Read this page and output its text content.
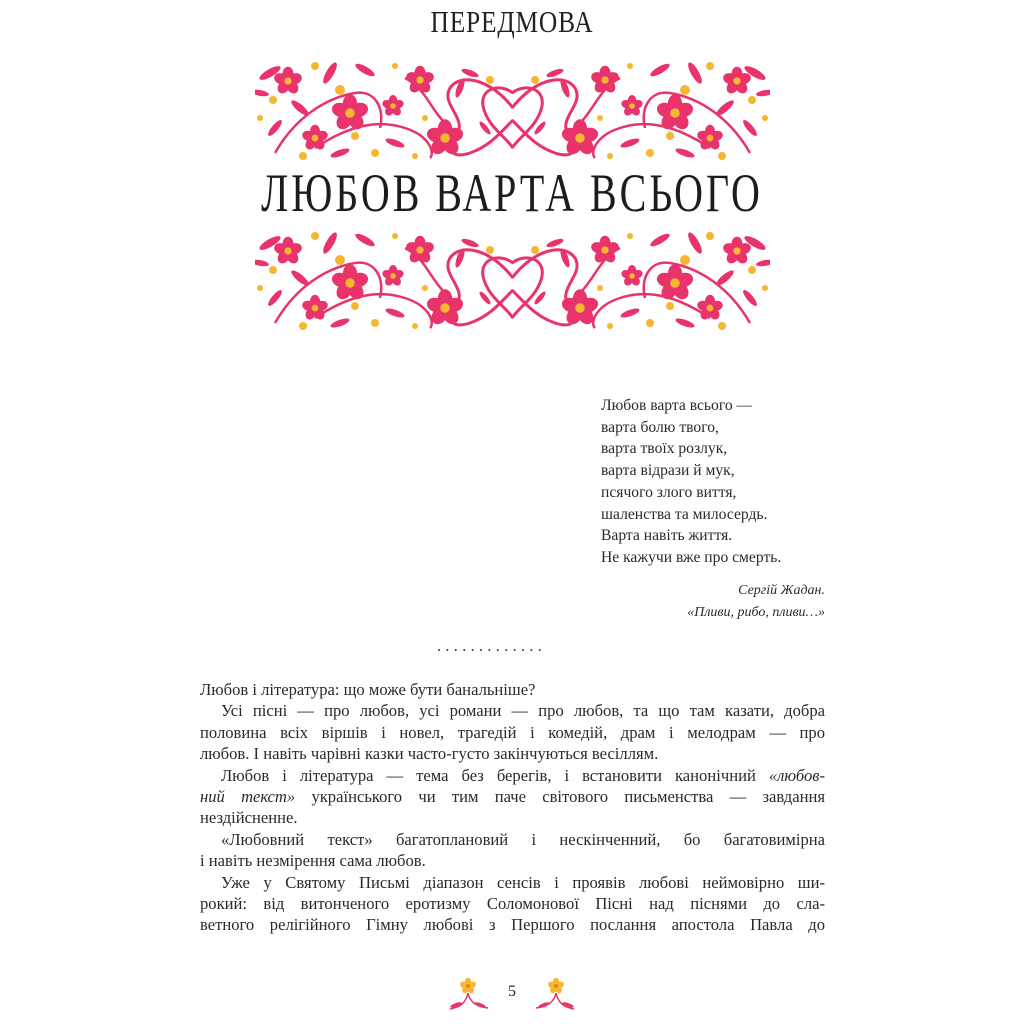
ПЕРЕДМОВА
ЛЮБОВ ВАРТА ВСЬОГО
Любов варта всього —
варта болю твого,
варта твоїх розлук,
варта відрази й мук,
псячого злого виття,
шаленства та милосердь.
Варта навіть життя.
Не кажучи вже про смерть.
Сергій Жадан.
«Пливи, рибо, пливи…»
.............
Любов і література: що може бути банальніше?
Усі пісні — про любов, усі романи — про любов, та що там казати, добра
половина всіх віршів і новел, трагедій і комедій, драм і мелодрам — про
любов. І навіть чарівні казки часто-густо закінчуються весіллям.
Любов і література — тема без берегів, і встановити канонічний «любов-
ний текст» українського чи тим паче світового письменства — завдання
нездійсненне.
«Любовний текст» багатоплановий і нескінченний, бо багатовимірна
і навіть незмірення сама любов.
Уже у Святому Письмі діапазон сенсів і проявів любові неймовірно ши-
рокий: від витонченого еротизму Соломонової Пісні над піснями до сла-
ветного релігійного Гімну любові з Першого послання апостола Павла до
5
